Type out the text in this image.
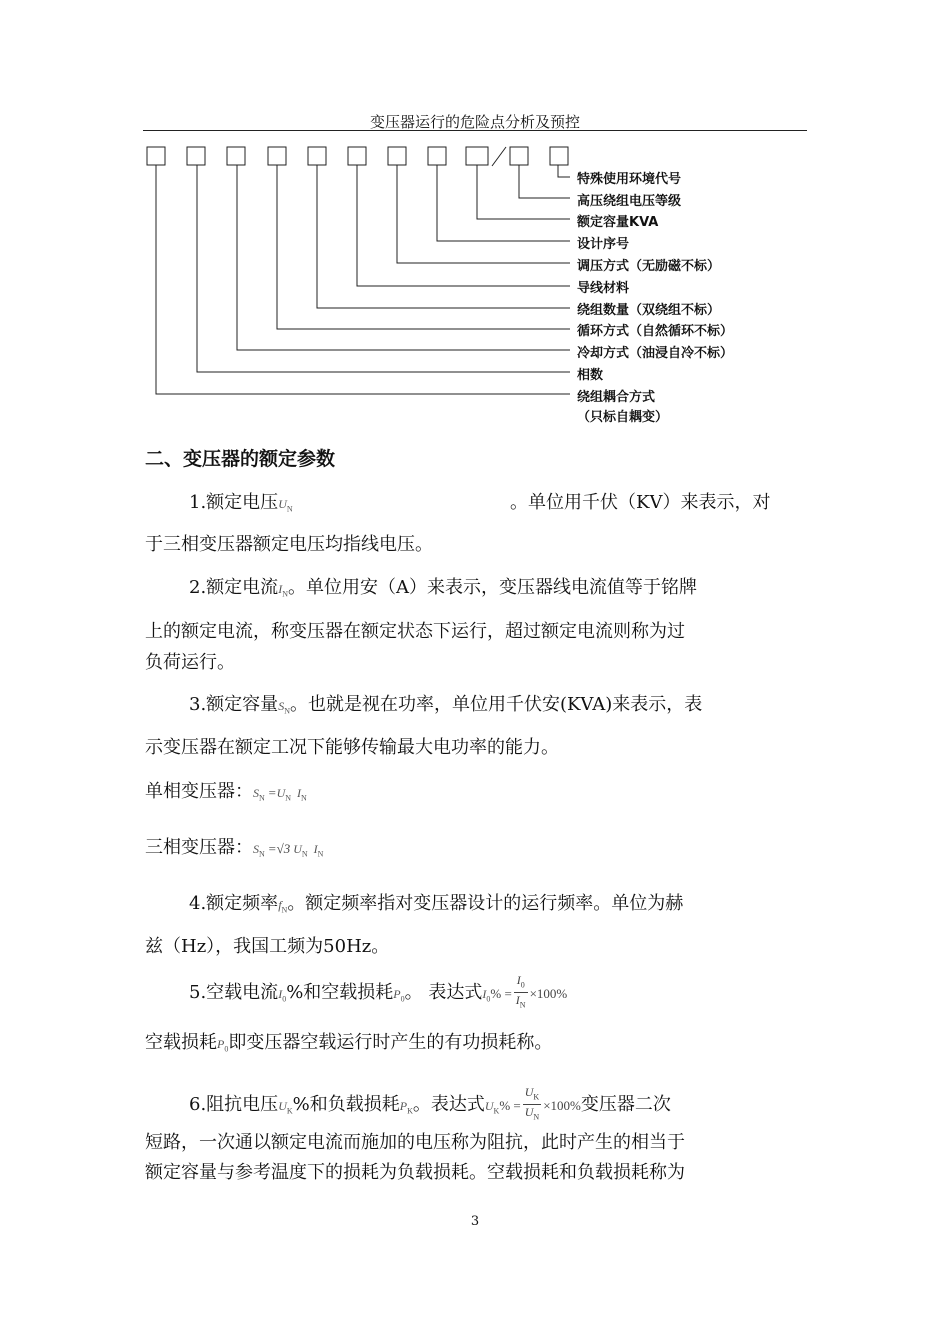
变压器运行的危险点分析及预控
特殊使用环境代号
高压绕组电压等级
额定容量KVA
设计序号
调压方式（无励磁不标）
导线材料
绕组数量（双绕组不标）
循环方式（自然循环不标）
冷却方式（油浸自冷不标）
相数
绕组耦合方式
（只标自耦变）
二、变压器的额定参数
1.额定电压$U_N$	。单位用千伏（KV）来表示，对
于三相变压器额定电压均指线电压。
2.额定电流$I_N$。单位用安（A）来表示，变压器线电流值等于铭牌
上的额定电流，称变压器在额定状态下运行，超过额定电流则称为过
负荷运行。
3.额定容量$S_N$。也就是视在功率，单位用千伏安(KVA)来表示，表
示变压器在额定工况下能够传输最大电功率的能力。
单相变压器：$S_N =U_N$ $I_N$
三相变压器：$S_N =√3$ $U_N$ $I_N$
4.额定频率$f_N$。额定频率指对变压器设计的运行频率。单位为赫
兹（Hz），我国工频为50Hz。
5.空载电流$I_0\%$和空载损耗$P_0$。 表达式$I_0\% = \frac{I_0}{I_N} \times 100\%$
空载损耗$P_0$即变压器空载运行时产生的有功损耗称。
6.阻抗电压$U_K\%$和负载损耗$P_K$。表达式$U_K\% = \frac{U_K}{U_N} \times 100\%$变压器二次
短路，一次通以额定电流而施加的电压称为阻抗，此时产生的相当于
额定容量与参考温度下的损耗为负载损耗。空载损耗和负载损耗称为
3
